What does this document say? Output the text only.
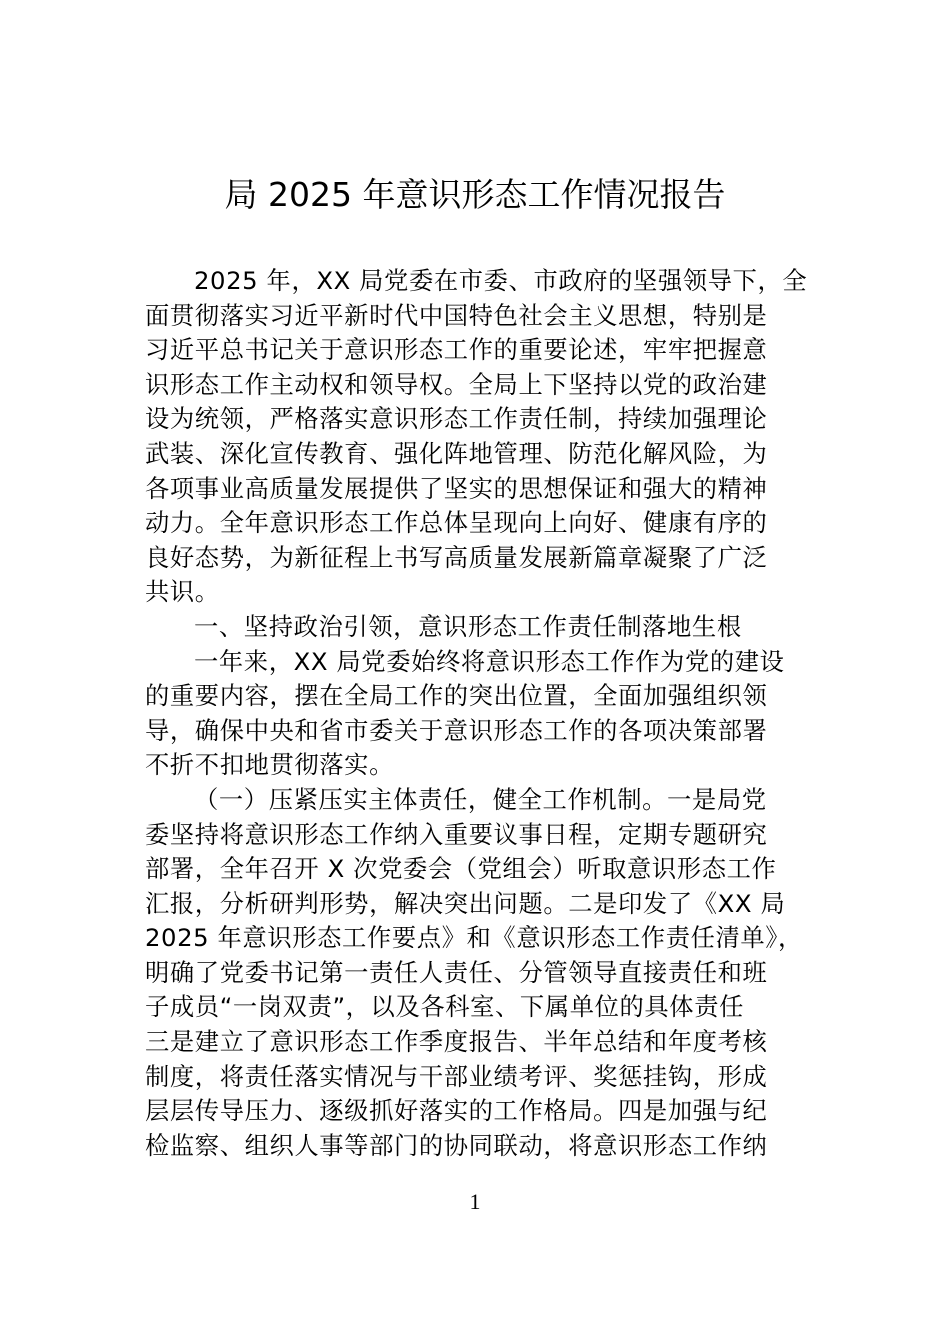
局 2025 年意识形态工作情况报告
2025 年，XX 局党委在市委、市政府的坚强领导下，全
面贯彻落实习近平新时代中国特色社会主义思想，特别是
习近平总书记关于意识形态工作的重要论述，牢牢把握意
识形态工作主动权和领导权。全局上下坚持以党的政治建
设为统领，严格落实意识形态工作责任制，持续加强理论
武装、深化宣传教育、强化阵地管理、防范化解风险，为
各项事业高质量发展提供了坚实的思想保证和强大的精神
动力。全年意识形态工作总体呈现向上向好、健康有序的
良好态势，为新征程上书写高质量发展新篇章凝聚了广泛
共识。
一、坚持政治引领，意识形态工作责任制落地生根
一年来，XX 局党委始终将意识形态工作作为党的建设
的重要内容，摆在全局工作的突出位置，全面加强组织领
导，确保中央和省市委关于意识形态工作的各项决策部署
不折不扣地贯彻落实。
（一）压紧压实主体责任，健全工作机制。一是局党
委坚持将意识形态工作纳入重要议事日程，定期专题研究
部署，全年召开 X 次党委会（党组会）听取意识形态工作
汇报，分析研判形势，解决突出问题。二是印发了《XX 局
2025 年意识形态工作要点》和《意识形态工作责任清单》，
明确了党委书记第一责任人责任、分管领导直接责任和班
子成员“一岗双责”，以及各科室、下属单位的具体责任
三是建立了意识形态工作季度报告、半年总结和年度考核
制度，将责任落实情况与干部业绩考评、奖惩挂钩，形成
层层传导压力、逐级抓好落实的工作格局。四是加强与纪
检监察、组织人事等部门的协同联动，将意识形态工作纳
1
